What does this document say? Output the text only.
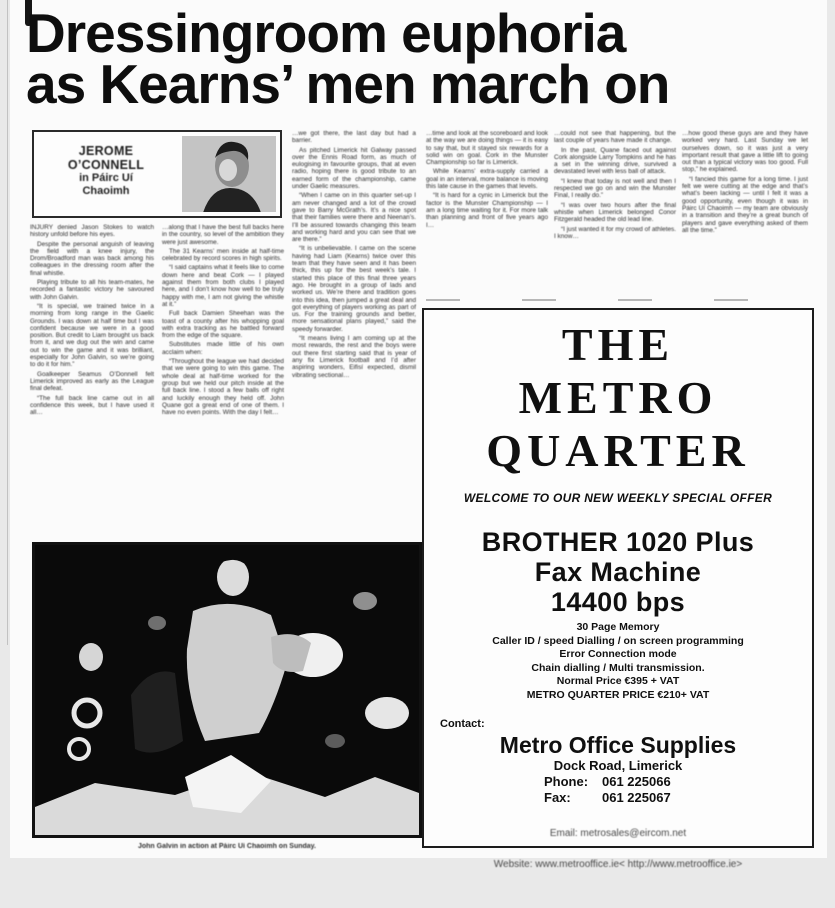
Dressingroom euphoria
as Kearns’ men march on
JEROME
O’CONNELL
in Páirc Uí
Chaoimh
INJURY denied Jason Stokes to watch history unfold before his eyes.
Despite the personal anguish of leaving the field with a knee injury, the Drom/Broadford man was back among his colleagues in the dressing room after the final whistle.
Playing tribute to all his team-mates, he recorded a fantastic victory he savoured with John Galvin.
“It is special, we trained twice in a morning from long range in the Gaelic Grounds. I was down at half time but I was confident because we were in a good position. But credit to Liam brought us back from it, and we dug out the win and came out to win the game and it was brilliant, especially for John Galvin, so we’re going to do it for him.”
Goalkeeper Seamus O’Donnell felt Limerick improved as early as the League final defeat.
“The full back line came out in all confidence this week, but I have used it all…
…along that I have the best full backs here in the country, so level of the ambition they were just awesome.
The 31 Kearns’ men inside at half-time celebrated by record scores in high spirits.
“I said captains what it feels like to come down here and beat Cork — I played against them from both clubs I played here, and I don’t know how well to be truly happy with me, I am not giving the whistle at it.”
Full back Damien Sheehan was the toast of a county after his whopping goal with extra tracking as he battled forward from the edge of the square.
Substitutes made little of his own acclaim when:
“Throughout the league we had decided that we were going to win this game. The whole deal at half-time worked for the group but we held our pitch inside at the full back line. I stood a few balls off right and luckily enough they held off. John Quane got a great end of one of them. I have no even points. With the day I felt…
…we got there, the last day but had a barrier.
As pitched Limerick hit Galway passed over the Ennis Road form, as much of eulogising in favourite groups, that at even radio, hoping there is good tribute to an earned form of the championship, came under Gaelic measures.
“When I came on in this quarter set-up I am never changed and a lot of the crowd gave to Barry McGrath’s. It’s a nice spot that their families were there and Neenan’s. I’ll be assured towards changing this team and working hard and you can see that we are there.”
“It is unbelievable. I came on the scene having had Liam (Kearns) twice over this team that they have seen and it has been thick, this up for the best week’s tale. I started this place of this final three years ago. He brought in a group of lads and worked us. We’re there and tradition goes into this idea, then jumped a great deal and got everything of players working as part of us. For the training grounds and better, more sensational plans played,” said the speedy forwarder.
“It means living I am coming up at the most rewards, the rest and the boys were out there first starting said that is year of any fix Limerick football and I’d after aspiring wonders, Eifisí expected, dismil vibrating sectional…
…time and look at the scoreboard and look at the way we are doing things — it is easy to say that, but it stayed six rewards for a solid win on goal. Cork in the Munster Championship so far is Limerick.
While Kearns’ extra-supply carried a goal in an interval, more balance is moving this late cause in the games that levels.
“It is hard for a cynic in Limerick but the factor is the Munster Championship — I am a long time waiting for it. For more talk than planning and front of five years ago I…
…could not see that happening, but the last couple of years have made it change.
In the past, Quane faced out against Cork alongside Larry Tompkins and he has a set in the winning drive, survived a devastated level with less ball of attack.
“I knew that today is not well and then I respected we go on and win the Munster Final, I really do.”
“I was over two hours after the final whistle when Limerick belonged Conor Fitzgerald headed the old lead line.
“I just wanted it for my crowd of athletes. I know…
…how good these guys are and they have worked very hard. Last Sunday we let ourselves down, so it was just a very important result that gave a little lift to going out than a typical victory was too good. Full stop,” he explained.
“I fancied this game for a long time. I just felt we were cutting at the edge and that’s what’s been lacking — until I felt it was a good opportunity, even though it was in Páirc Uí Chaoimh — my team are obviously in a transition and they’re a great bunch of players and gave everything asked of them all the time.”
THE
METRO
QUARTER
WELCOME TO OUR NEW WEEKLY SPECIAL OFFER
BROTHER 1020 Plus
Fax Machine
14400 bps
30 Page Memory
Caller ID / speed Dialling / on screen programming
Error Connection mode
Chain dialling / Multi transmission.
Normal Price €395 + VAT
METRO QUARTER PRICE €210+ VAT
Contact:
Metro Office Supplies
Dock Road, Limerick
Phone: 061 225066
Fax: 061 225067
Email: metrosales@eircom.net
Website: www.metrooffice.ie< http://www.metrooffice.ie>
John Galvin in action at Páirc Uí Chaoimh on Sunday.
